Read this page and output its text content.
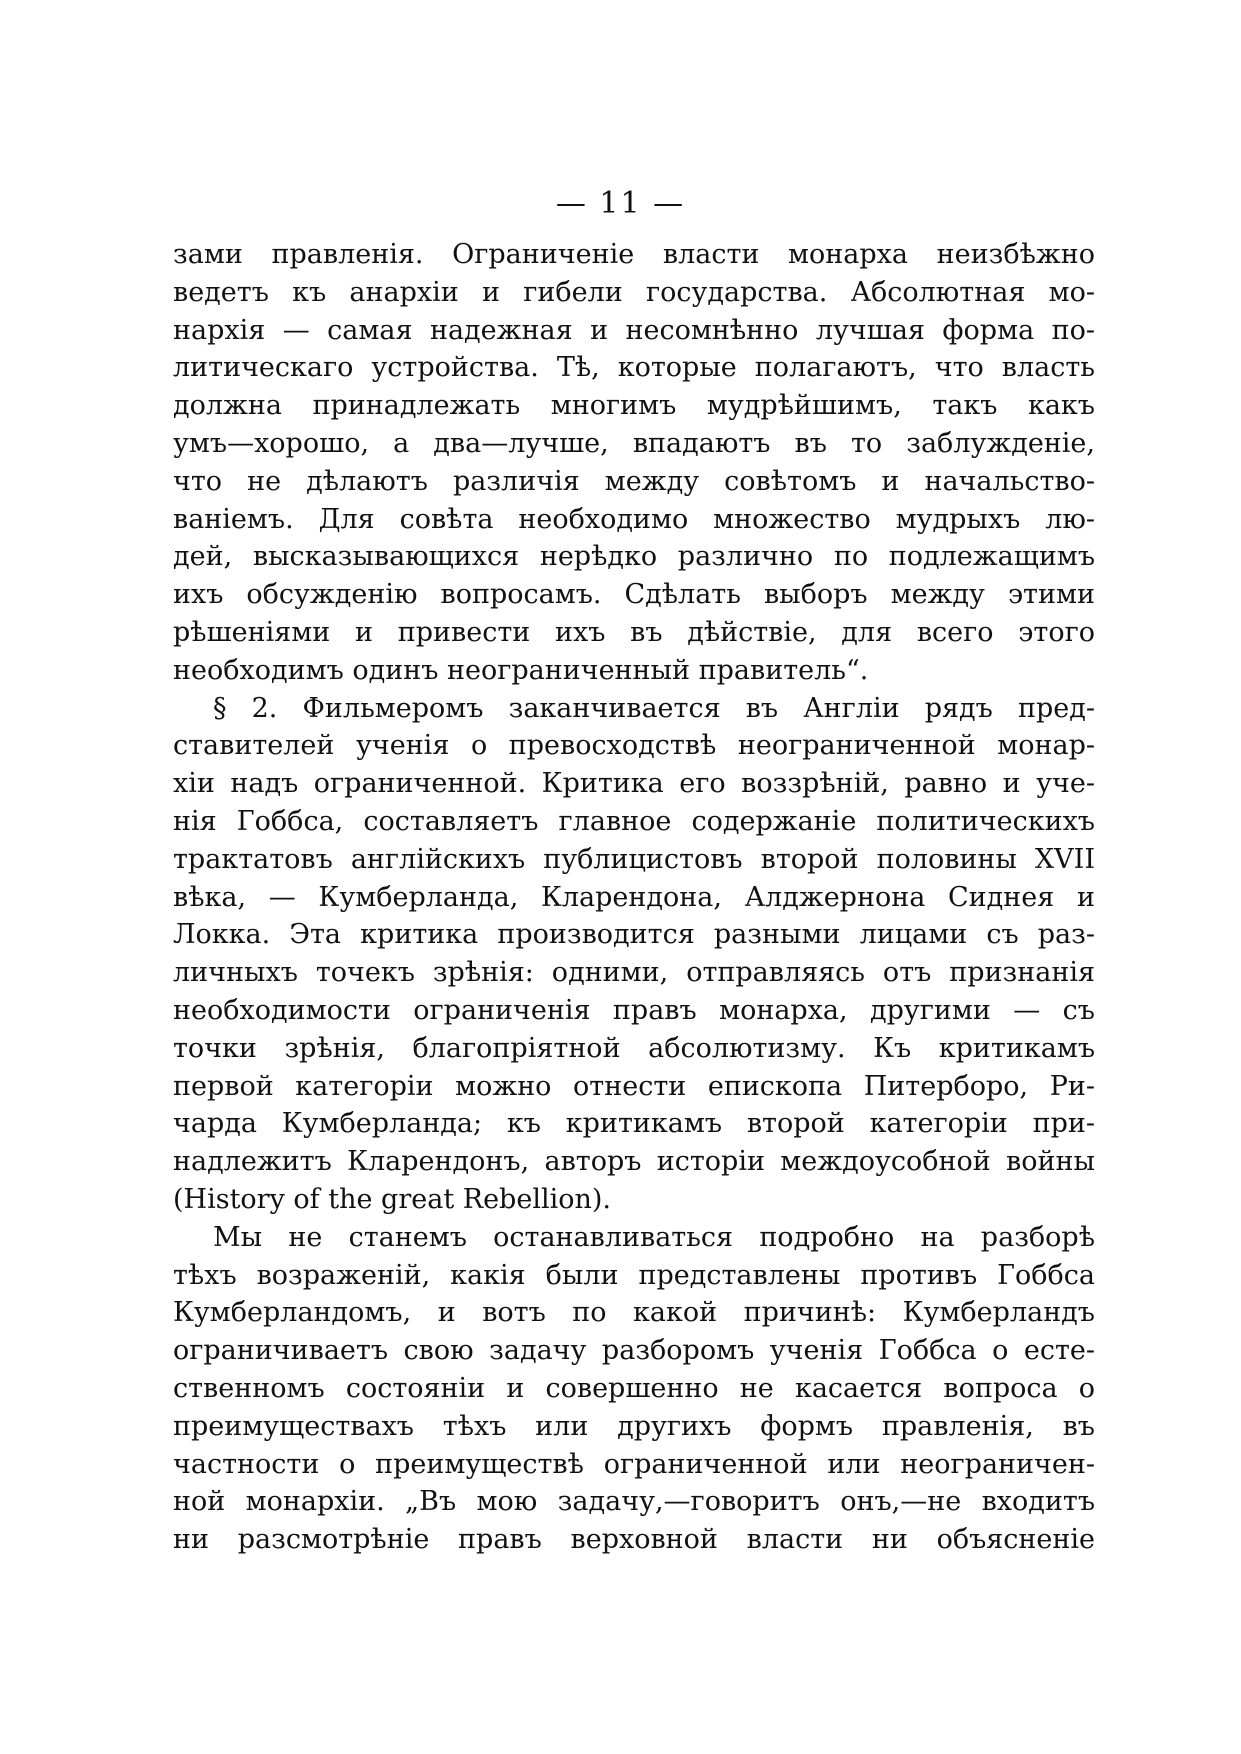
— 11 —
зами правленія. Ограниченіе власти монарха неизбѣжно
ведетъ къ анархіи и гибели государства. Абсолютная мо-
нархія — самая надежная и несомнѣнно лучшая форма по-
литическаго устройства. Тѣ, которые полагаютъ, что власть
должна принадлежать многимъ мудрѣйшимъ, такъ какъ
умъ—хорошо, а два—лучше, впадаютъ въ то заблужденіе,
что не дѣлаютъ различія между совѣтомъ и начальство-
ваніемъ. Для совѣта необходимо множество мудрыхъ лю-
дей, высказывающихся нерѣдко различно по подлежащимъ
ихъ обсужденію вопросамъ. Сдѣлать выборъ между этими
рѣшеніями и привести ихъ въ дѣйствіе, для всего этого
необходимъ одинъ неограниченный правитель“.
§ 2. Фильмеромъ заканчивается въ Англіи рядъ пред-
ставителей ученія о превосходствѣ неограниченной монар-
хіи надъ ограниченной. Критика его воззрѣній, равно и уче-
нія Гоббса, составляетъ главное содержаніе политическихъ
трактатовъ англійскихъ публицистовъ второй половины XVII
вѣка, — Кумберланда, Кларендона, Алджернона Сиднея и
Локка. Эта критика производится разными лицами съ раз-
личныхъ точекъ зрѣнія: одними, отправляясь отъ признанія
необходимости ограниченія правъ монарха, другими — съ
точки зрѣнія, благопріятной абсолютизму. Къ критикамъ
первой категоріи можно отнести епископа Питерборо, Ри-
чарда Кумберланда; къ критикамъ второй категоріи при-
надлежитъ Кларендонъ, авторъ исторіи междоусобной войны
(History of the great Rebellion).
Мы не станемъ останавливаться подробно на разборѣ
тѣхъ возраженій, какія были представлены противъ Гоббса
Кумберландомъ, и вотъ по какой причинѣ: Кумберландъ
ограничиваетъ свою задачу разборомъ ученія Гоббса о есте-
ственномъ состояніи и совершенно не касается вопроса о
преимуществахъ тѣхъ или другихъ формъ правленія, въ
частности о преимуществѣ ограниченной или неограничен-
ной монархіи. „Въ мою задачу,—говоритъ онъ,—не входитъ
ни разсмотрѣніе правъ верховной власти ни объясненіе
